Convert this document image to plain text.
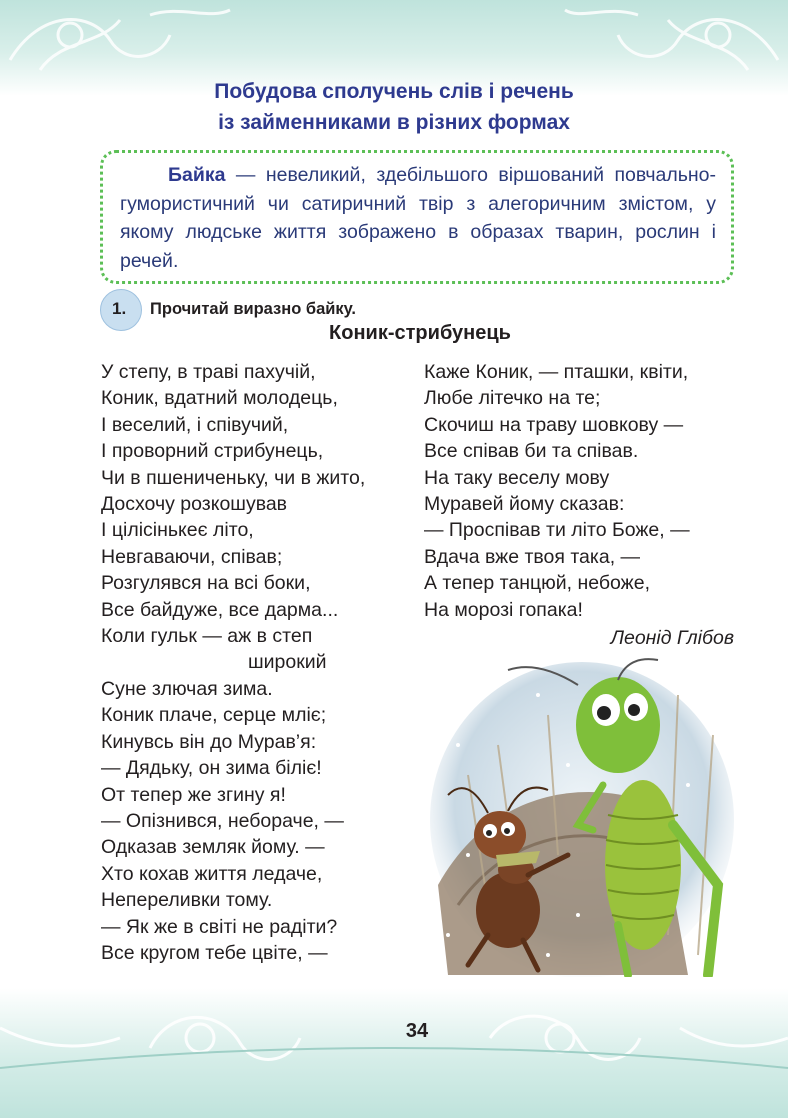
Побудова сполучень слів і речень
із займенниками в різних формах
Байка — невеликий, здебільшого віршований повчально-гумористичний чи сатиричний твір з алегоричним змістом, у якому людське життя зображено в образах тварин, рослин і речей.
1. Прочитай виразно байку.
Коник-стрибунець
У степу, в траві пахучій,
Коник, вдатний молодець,
І веселий, і співучий,
І проворний стрибунець,
Чи в пшениченьку, чи в жито,
Досхочу розкошував
І цілісінькеє літо,
Невгаваючи, співав;
Розгулявся на всі боки,
Все байдуже, все дарма...
Коли гульк — аж в степ
широкий
Суне злючая зима.
Коник плаче, серце мліє;
Кинувсь він до Мурав’я:
— Дядьку, он зима біліє!
От тепер же згину я!
— Опізнився, небораче, —
Одказав земляк йому. —
Хто кохав життя ледаче,
Непереливки тому.
— Як же в світі не радіти?
Все кругом тебе цвіте, —
Каже Коник, — пташки, квіти,
Любе літечко на те;
Скочиш на траву шовкову —
Все співав би та співав.
На таку веселу мову
Муравей йому сказав:
— Проспівав ти літо Боже, —
Вдача вже твоя така, —
А тепер танцюй, небоже,
На морозі гопака!
Леонід Глібов
34
